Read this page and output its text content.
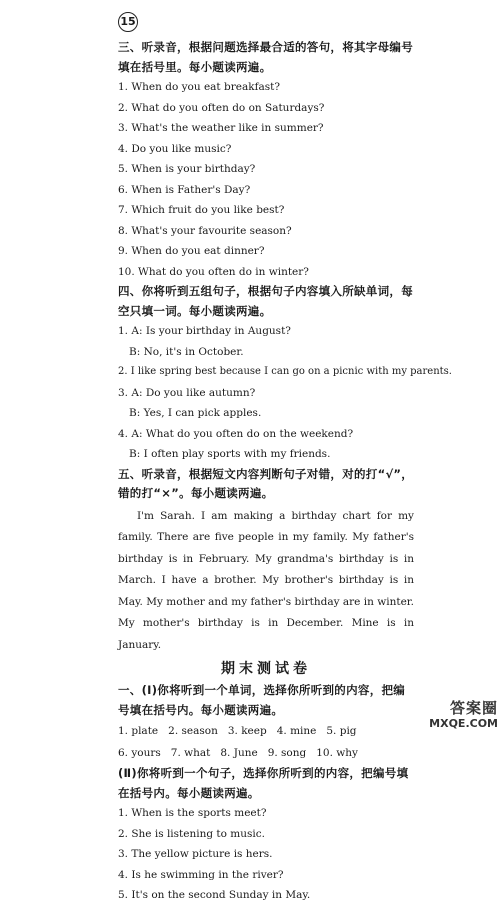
15
三、听录音，根据问题选择最合适的答句，将其字母编号填在括号里。每小题读两遍。
1. When do you eat breakfast?
2. What do you often do on Saturdays?
3. What's the weather like in summer?
4. Do you like music?
5. When is your birthday?
6. When is Father's Day?
7. Which fruit do you like best?
8. What's your favourite season?
9. When do you eat dinner?
10. What do you often do in winter?
四、你将听到五组句子，根据句子内容填入所缺单词，每空只填一词。每小题读两遍。
1. A: Is your birthday in August?
B: No, it's in October.
2. I like spring best because I can go on a picnic with my parents.
3. A: Do you like autumn?
B: Yes, I can pick apples.
4. A: What do you often do on the weekend?
B: I often play sports with my friends.
五、听录音，根据短文内容判断句子对错，对的打“√”，错的打“×”。每小题读两遍。
I'm Sarah. I am making a birthday chart for my family. There are five people in my family. My father's birthday is in February. My grandma's birthday is in March. I have a brother. My brother's birthday is in May. My mother and my father's birthday are in winter. My mother's birthday is in December. Mine is in January.
期末测试卷
一、(Ⅰ)你将听到一个单词，选择你所听到的内容，把编号填在括号内。每小题读两遍。
1. plate 2. season 3. keep 4. mine 5. pig
6. yours 7. what 8. June 9. song 10. why
(Ⅱ)你将听到一个句子，选择你所听到的内容，把编号填在括号内。每小题读两遍。
1. When is the sports meet?
2. She is listening to music.
3. The yellow picture is hers.
4. Is he swimming in the river?
5. It's on the second Sunday in May.
答案圈
MXQE.COM
